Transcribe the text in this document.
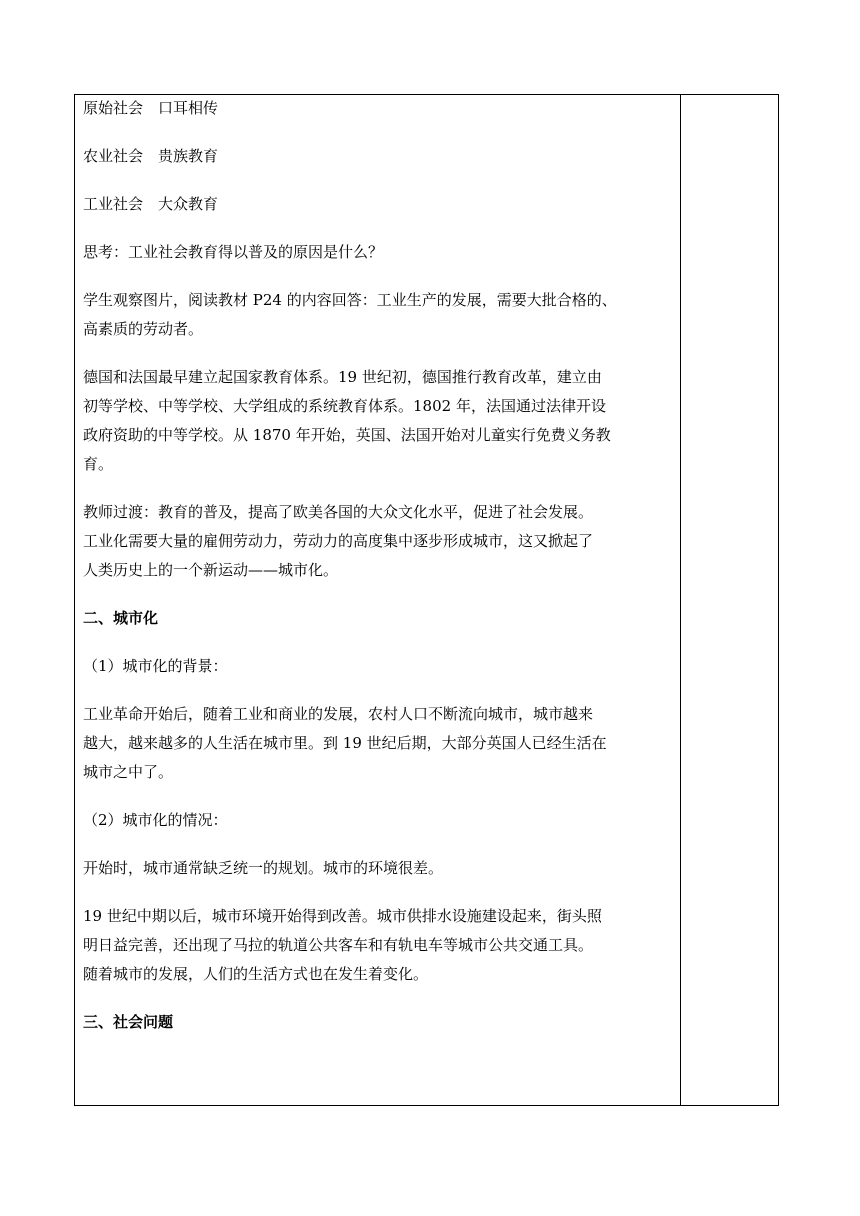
原始社会　口耳相传

农业社会　贵族教育

工业社会　大众教育

思考：工业社会教育得以普及的原因是什么？

学生观察图片，阅读教材 P24 的内容回答：工业生产的发展，需要大批合格的、

高素质的劳动者。

德国和法国最早建立起国家教育体系。19 世纪初，德国推行教育改革，建立由

初等学校、中等学校、大学组成的系统教育体系。1802 年，法国通过法律开设

政府资助的中等学校。从 1870 年开始，英国、法国开始对儿童实行免费义务教

育。

教师过渡：教育的普及，提高了欧美各国的大众文化水平，促进了社会发展。

工业化需要大量的雇佣劳动力，劳动力的高度集中逐步形成城市，这又掀起了

人类历史上的一个新运动——城市化。

二、城市化

（1）城市化的背景：

工业革命开始后，随着工业和商业的发展，农村人口不断流向城市，城市越来

越大，越来越多的人生活在城市里。到 19 世纪后期，大部分英国人已经生活在

城市之中了。

（2）城市化的情况：

开始时，城市通常缺乏统一的规划。城市的环境很差。

19 世纪中期以后，城市环境开始得到改善。城市供排水设施建设起来，街头照

明日益完善，还出现了马拉的轨道公共客车和有轨电车等城市公共交通工具。

随着城市的发展，人们的生活方式也在发生着变化。

三、社会问题
